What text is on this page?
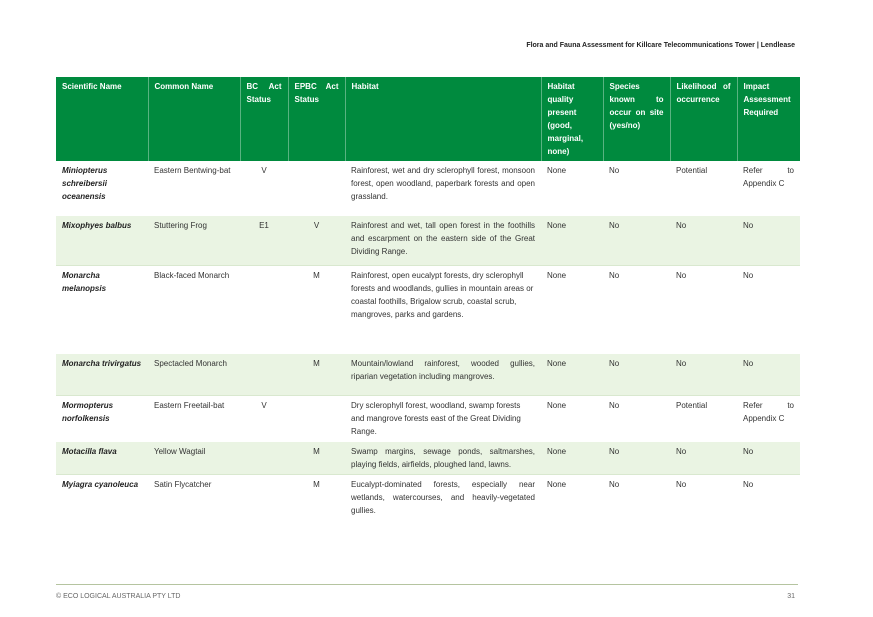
Flora and Fauna Assessment for Killcare Telecommunications Tower | Lendlease
Scientific Name	Common Name	BC Act Status	EPBC Act Status	Habitat	Habitat quality present (good, marginal, none)	Species known to occur on site (yes/no)	Likelihood of occurrence	Impact Assessment Required
Miniopterus schreibersii oceanensis	Eastern Bentwing-bat	V		Rainforest, wet and dry sclerophyll forest, monsoon forest, open woodland, paperbark forests and open grassland.	None	No	Potential	Refer to Appendix C
Mixophyes balbus	Stuttering Frog	E1	V	Rainforest and wet, tall open forest in the foothills and escarpment on the eastern side of the Great Dividing Range.	None	No	No	No
Monarcha melanopsis	Black-faced Monarch		M	Rainforest, open eucalypt forests, dry sclerophyll forests and woodlands, gullies in mountain areas or coastal foothills, Brigalow scrub, coastal scrub, mangroves, parks and gardens.	None	No	No	No
Monarcha trivirgatus	Spectacled Monarch		M	Mountain/lowland rainforest, wooded gullies, riparian vegetation including mangroves.	None	No	No	No
Mormopterus norfolkensis	Eastern Freetail-bat	V		Dry sclerophyll forest, woodland, swamp forests and mangrove forests east of the Great Dividing Range.	None	No	Potential	Refer to Appendix C
Motacilla flava	Yellow Wagtail		M	Swamp margins, sewage ponds, saltmarshes, playing fields, airfields, ploughed land, lawns.	None	No	No	No
Myiagra cyanoleuca	Satin Flycatcher		M	Eucalypt-dominated forests, especially near wetlands, watercourses, and heavily-vegetated gullies.	None	No	No	No
© ECO LOGICAL AUSTRALIA PTY LTD	31
